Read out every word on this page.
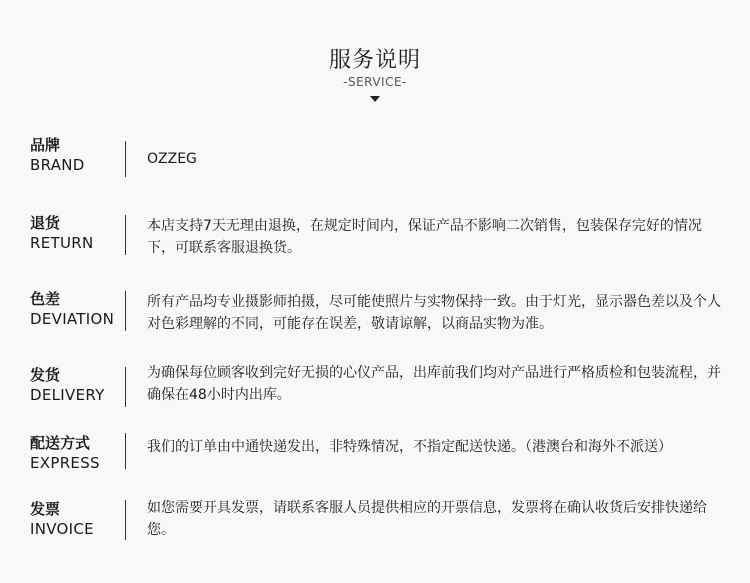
服务说明
-SERVICE-
品牌
BRAND	OZZEG
退货
RETURN
本店支持7天无理由退换，在规定时间内，保证产品不影响二次销售，包装保存完好的情况下，可联系客服退换货。
色差
DEVIATION
所有产品均专业摄影师拍摄，尽可能使照片与实物保持一致。由于灯光，显示器色差以及个人对色彩理解的不同，可能存在误差，敬请谅解，以商品实物为准。
发货
DELIVERY
为确保每位顾客收到完好无损的心仪产品，出库前我们均对产品进行严格质检和包装流程，并确保在48小时内出库。
配送方式
EXPRESS
我们的订单由中通快递发出，非特殊情况，不指定配送快递。（港澳台和海外不派送）
发票
INVOICE
如您需要开具发票，请联系客服人员提供相应的开票信息，发票将在确认收货后安排快递给您。
